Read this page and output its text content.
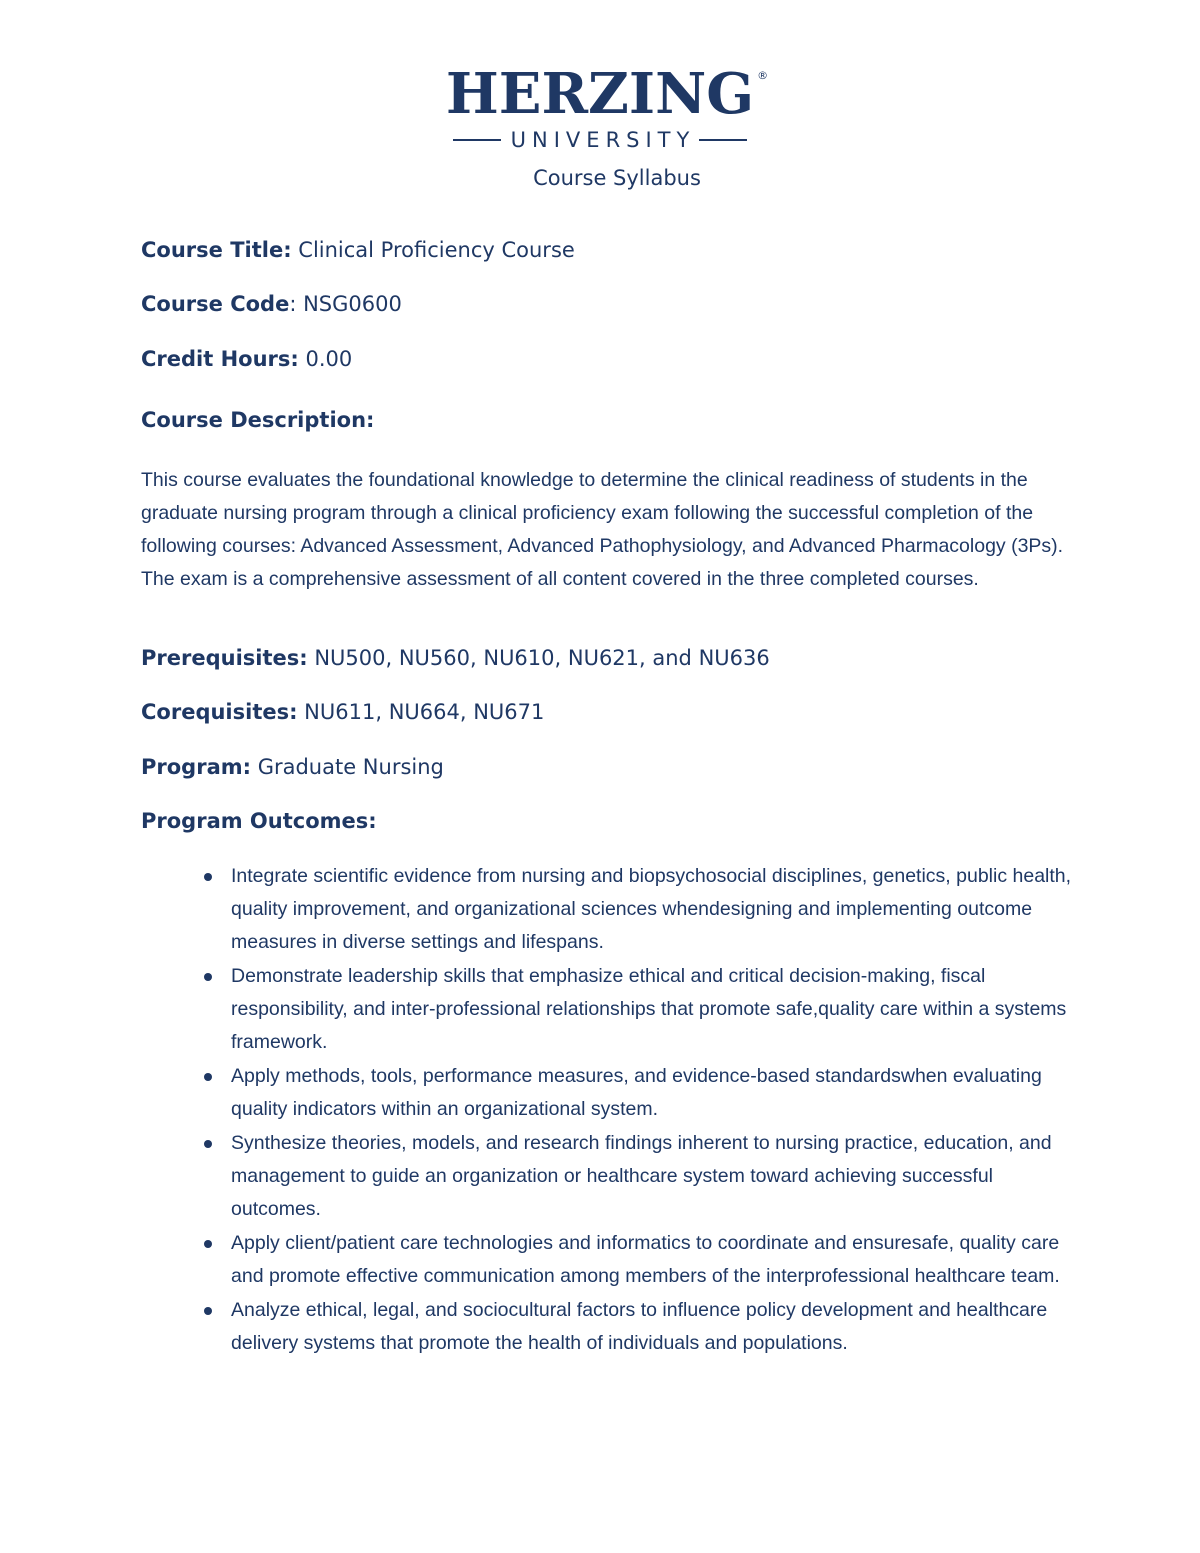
HERZING ®
UNIVERSITY
Course Syllabus
Course Title: Clinical Proficiency Course
Course Code: NSG0600
Credit Hours: 0.00
Course Description:
This course evaluates the foundational knowledge to determine the clinical readiness of students in the graduate nursing program through a clinical proficiency exam following the successful completion of the following courses: Advanced Assessment, Advanced Pathophysiology, and Advanced Pharmacology (3Ps). The exam is a comprehensive assessment of all content covered in the three completed courses.
Prerequisites: NU500, NU560, NU610, NU621, and NU636
Corequisites: NU611, NU664, NU671
Program: Graduate Nursing
Program Outcomes:
Integrate scientific evidence from nursing and biopsychosocial disciplines, genetics, public health, quality improvement, and organizational sciences whendesigning and implementing outcome measures in diverse settings and lifespans.
Demonstrate leadership skills that emphasize ethical and critical decision-making, fiscal responsibility, and inter-professional relationships that promote safe,quality care within a systems framework.
Apply methods, tools, performance measures, and evidence-based standardswhen evaluating quality indicators within an organizational system.
Synthesize theories, models, and research findings inherent to nursing practice, education, and management to guide an organization or healthcare system toward achieving successful outcomes.
Apply client/patient care technologies and informatics to coordinate and ensuresafe, quality care and promote effective communication among members of the interprofessional healthcare team.
Analyze ethical, legal, and sociocultural factors to influence policy development and healthcare delivery systems that promote the health of individuals and populations.
